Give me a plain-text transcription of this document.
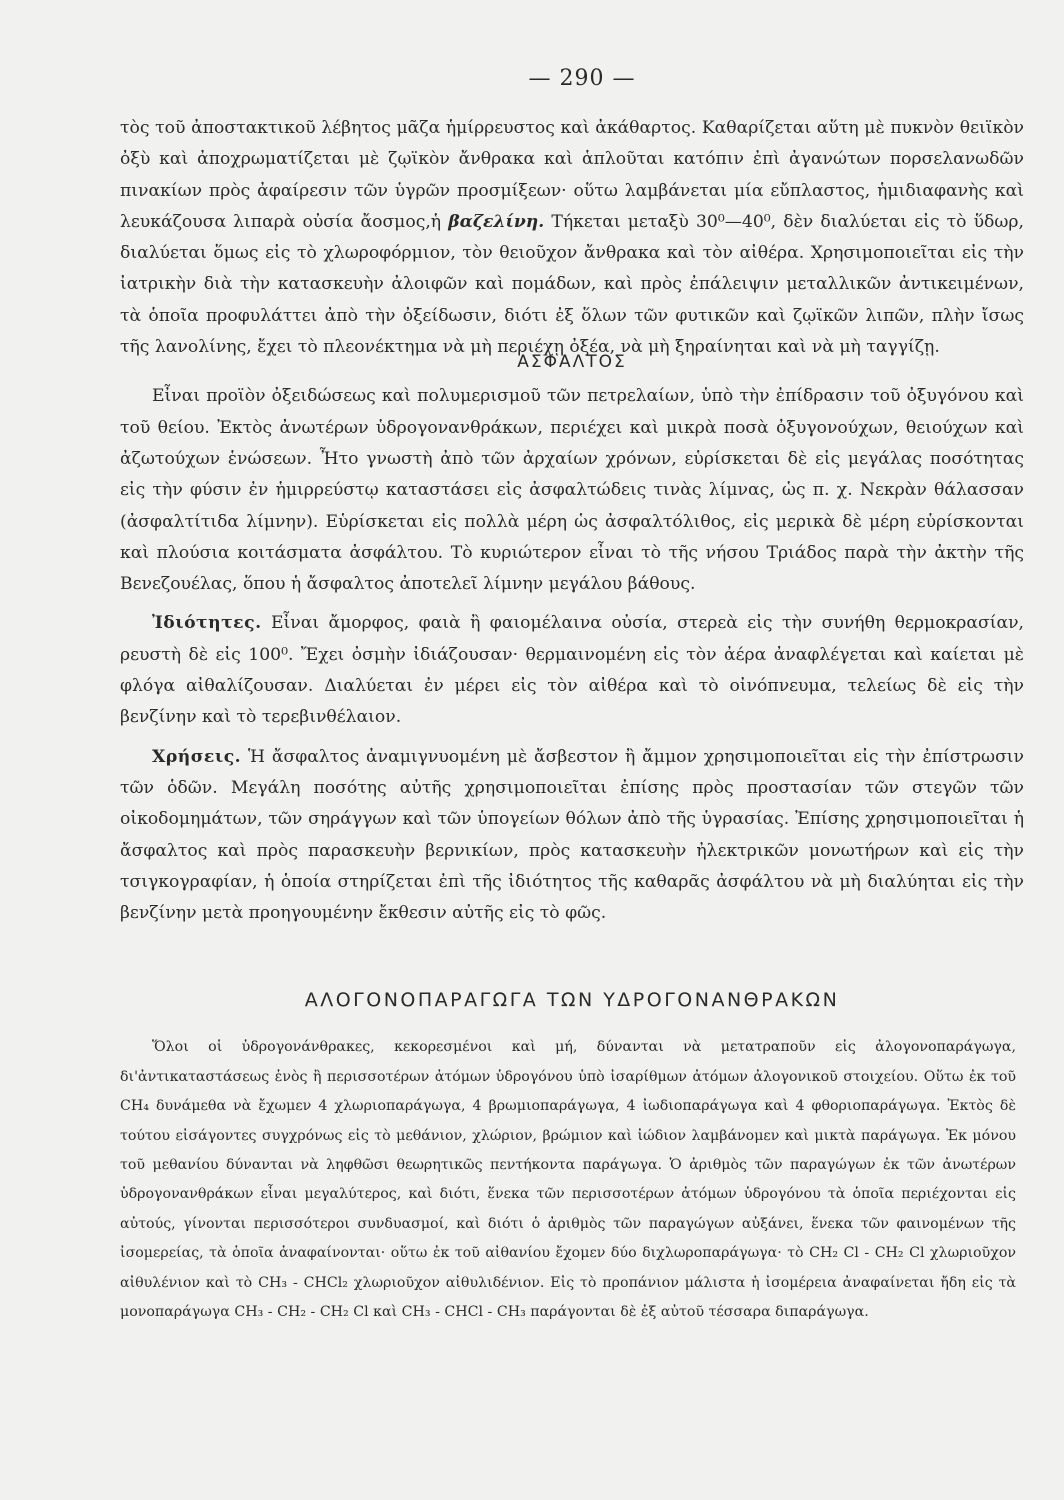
— 290 —

τὸς τοῦ ἀποστακτικοῦ λέβητος μᾶζα ἡμίρρευστος καὶ ἀκάθαρτος. Καθαρίζεται αὕτη μὲ πυκνὸν θειϊκὸν ὀξὺ καὶ ἀποχρωματίζεται μὲ ζῳϊκὸν ἄνθρακα καὶ ἁπλοῦται κατόπιν ἐπὶ ἀγανώτων πορσελανωδῶν πινακίων πρὸς ἀφαίρεσιν τῶν ὑγρῶν προσμίξεων· οὕτω λαμβάνεται μία εὔπλαστος, ἡμιδιαφανὴς καὶ λευκάζουσα λιπαρὰ οὐσία ἄοσμος,ἡ βαζελίνη. Τήκεται μεταξὺ 30⁰—40⁰, δὲν διαλύεται εἰς τὸ ὕδωρ, διαλύεται ὅμως εἰς τὸ χλωροφόρμιον, τὸν θειοῦχον ἄνθρακα καὶ τὸν αἰθέρα. Χρησιμοποιεῖται εἰς τὴν ἰατρικὴν διὰ τὴν κατασκευὴν ἀλοιφῶν καὶ πομάδων, καὶ πρὸς ἐπάλειψιν μεταλλικῶν ἀντικειμένων, τὰ ὁποῖα προφυλάττει ἀπὸ τὴν ὀξείδωσιν, διότι ἐξ ὅλων τῶν φυτικῶν καὶ ζῳϊκῶν λιπῶν, πλὴν ἴσως τῆς λανολίνης, ἔχει τὸ πλεονέκτημα νὰ μὴ περιέχῃ ὀξέα, νὰ μὴ ξηραίνηται καὶ νὰ μὴ ταγγίζῃ.

ΑΣΦΑΛΤΟΣ

Εἶναι προϊὸν ὀξειδώσεως καὶ πολυμερισμοῦ τῶν πετρελαίων, ὑπὸ τὴν ἐπίδρασιν τοῦ ὀξυγόνου καὶ τοῦ θείου. Ἐκτὸς ἀνωτέρων ὑδρογονανθράκων, περιέχει καὶ μικρὰ ποσὰ ὀξυγονούχων, θειούχων καὶ ἀζωτούχων ἑνώσεων. Ἦτο γνωστὴ ἀπὸ τῶν ἀρχαίων χρόνων, εὑρίσκεται δὲ εἰς μεγάλας ποσότητας εἰς τὴν φύσιν ἐν ἡμιρρεύστῳ καταστάσει εἰς ἀσφαλτώδεις τινὰς λίμνας, ὡς π. χ. Νεκρὰν θάλασσαν (ἀσφαλτίτιδα λίμνην). Εὑρίσκεται εἰς πολλὰ μέρη ὡς ἀσφαλτόλιθος, εἰς μερικὰ δὲ μέρη εὑρίσκονται καὶ πλούσια κοιτάσματα ἀσφάλτου. Τὸ κυριώτερον εἶναι τὸ τῆς νήσου Τριάδος παρὰ τὴν ἀκτὴν τῆς Βενεζουέλας, ὅπου ἡ ἄσφαλτος ἀποτελεῖ λίμνην μεγάλου βάθους.

Ἰδιότητες. Εἶναι ἄμορφος, φαιὰ ἢ φαιομέλαινα οὐσία, στερεὰ εἰς τὴν συνήθη θερμοκρασίαν, ρευστὴ δὲ εἰς 100⁰. Ἔχει ὀσμὴν ἰδιάζουσαν· θερμαινομένη εἰς τὸν ἀέρα ἀναφλέγεται καὶ καίεται μὲ φλόγα αἰθαλίζουσαν. Διαλύεται ἐν μέρει εἰς τὸν αἰθέρα καὶ τὸ οἰνόπνευμα, τελείως δὲ εἰς τὴν βενζίνην καὶ τὸ τερεβινθέλαιον.

Χρήσεις. Ἡ ἄσφαλτος ἀναμιγνυομένη μὲ ἄσβεστον ἢ ἄμμον χρησιμοποιεῖται εἰς τὴν ἐπίστρωσιν τῶν ὁδῶν. Μεγάλη ποσότης αὐτῆς χρησιμοποιεῖται ἐπίσης πρὸς προστασίαν τῶν στεγῶν τῶν οἰκοδομημάτων, τῶν σηράγγων καὶ τῶν ὑπογείων θόλων ἀπὸ τῆς ὑγρασίας. Ἐπίσης χρησιμοποιεῖται ἡ ἄσφαλτος καὶ πρὸς παρασκευὴν βερνικίων, πρὸς κατασκευὴν ἠλεκτρικῶν μονωτήρων καὶ εἰς τὴν τσιγκογραφίαν, ἡ ὁποία στηρίζεται ἐπὶ τῆς ἰδιότητος τῆς καθαρᾶς ἀσφάλτου νὰ μὴ διαλύηται εἰς τὴν βενζίνην μετὰ προηγουμένην ἔκθεσιν αὐτῆς εἰς τὸ φῶς.

ΑΛΟΓΟΝΟΠΑΡΑΓΩΓΑ ΤΩΝ ΥΔΡΟΓΟΝΑΝΘΡΑΚΩΝ

Ὅλοι οἱ ὑδρογονάνθρακες, κεκορεσμένοι καὶ μή, δύνανται νὰ μετατραποῦν εἰς ἀλογονοπαράγωγα, δι'ἀντικαταστάσεως ἑνὸς ἢ περισσοτέρων ἀτόμων ὑδρογόνου ὑπὸ ἰσαρίθμων ἀτόμων ἀλογονικοῦ στοιχείου. Οὕτω ἐκ τοῦ CH₄ δυνάμεθα νὰ ἔχωμεν 4 χλωριοπαράγωγα, 4 βρωμιοπαράγωγα, 4 ἰωδιοπαράγωγα καὶ 4 φθοριοπαράγωγα. Ἐκτὸς δὲ τούτου εἰσάγοντες συγχρόνως εἰς τὸ μεθάνιον, χλώριον, βρώμιον καὶ ἰώδιον λαμβάνομεν καὶ μικτὰ παράγωγα. Ἐκ μόνου τοῦ μεθανίου δύνανται νὰ ληφθῶσι θεωρητικῶς πεντήκοντα παράγωγα. Ὁ ἀριθμὸς τῶν παραγώγων ἐκ τῶν ἀνωτέρων ὑδρογονανθράκων εἶναι μεγαλύτερος, καὶ διότι, ἕνεκα τῶν περισσοτέρων ἀτόμων ὑδρογόνου τὰ ὁποῖα περιέχονται εἰς αὐτούς, γίνονται περισσότεροι συνδυασμοί, καὶ διότι ὁ ἀριθμὸς τῶν παραγώγων αὐξάνει, ἕνεκα τῶν φαινομένων τῆς ἰσομερείας, τὰ ὁποῖα ἀναφαίνονται· οὕτω ἐκ τοῦ αἰθανίου ἔχομεν δύο διχλωροπαράγωγα· τὸ CH₂ Cl - CH₂ Cl χλωριοῦχον αἰθυλένιον καὶ τὸ CH₃ - CHCl₂ χλωριοῦχον αἰθυλιδένιον. Εἰς τὸ προπάνιον μάλιστα ἡ ἰσομέρεια ἀναφαίνεται ἤδη εἰς τὰ μονοπαράγωγα CH₃ - CH₂ - CH₂ Cl καὶ CH₃ - CHCl - CH₃ παράγονται δὲ ἐξ αὐτοῦ τέσσαρα διπαράγωγα.
